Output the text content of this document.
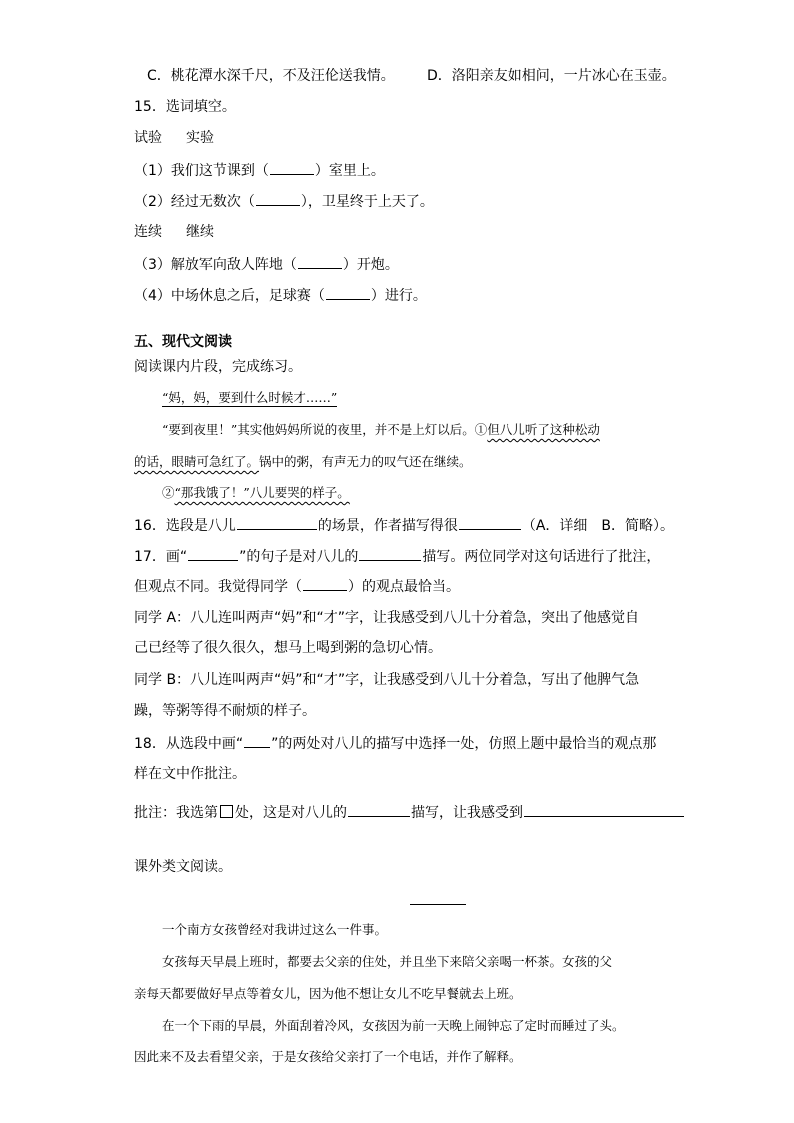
C．桃花潭水深千尺，不及汪伦送我情。 D．洛阳亲友如相问，一片冰心在玉壶。
15．选词填空。
试验 实验
（1）我们这节课到（	）室里上。
（2）经过无数次（	），卫星终于上天了。
连续 继续
（3）解放军向敌人阵地（	）开炮。
（4）中场休息之后，足球赛（	）进行。
五、现代文阅读
阅读课内片段，完成练习。
“妈，妈，要到什么时候才……”
“要到夜里！”其实他妈妈所说的夜里，并不是上灯以后。①但八儿听了这种松动
的话，眼睛可急红了。锅中的粥，有声无力的叹气还在继续。
②“那我饿了！”八儿要哭的样子。
16．选段是八儿	的场景，作者描写得很	（A．详细 B．简略）。
17．画“	”的句子是对八儿的	描写。两位同学对这句话进行了批注，
但观点不同。我觉得同学（	）的观点最恰当。
同学 A：八儿连叫两声“妈”和“才”字，让我感受到八儿十分着急，突出了他感觉自
己已经等了很久很久，想马上喝到粥的急切心情。
同学 B：八儿连叫两声“妈”和“才”字，让我感受到八儿十分着急，写出了他脾气急
躁，等粥等得不耐烦的样子。
18．从选段中画“ ”的两处对八儿的描写中选择一处，仿照上题中最恰当的观点那
样在文中作批注。
批注：我选第 处，这是对八儿的	描写，让我感受到
课外类文阅读。
一个南方女孩曾经对我讲过这么一件事。
女孩每天早晨上班时，都要去父亲的住处，并且坐下来陪父亲喝一杯茶。女孩的父
亲每天都要做好早点等着女儿，因为他不想让女儿不吃早餐就去上班。
在一个下雨的早晨，外面刮着冷风，女孩因为前一天晚上闹钟忘了定时而睡过了头。
因此来不及去看望父亲，于是女孩给父亲打了一个电话，并作了解释。
